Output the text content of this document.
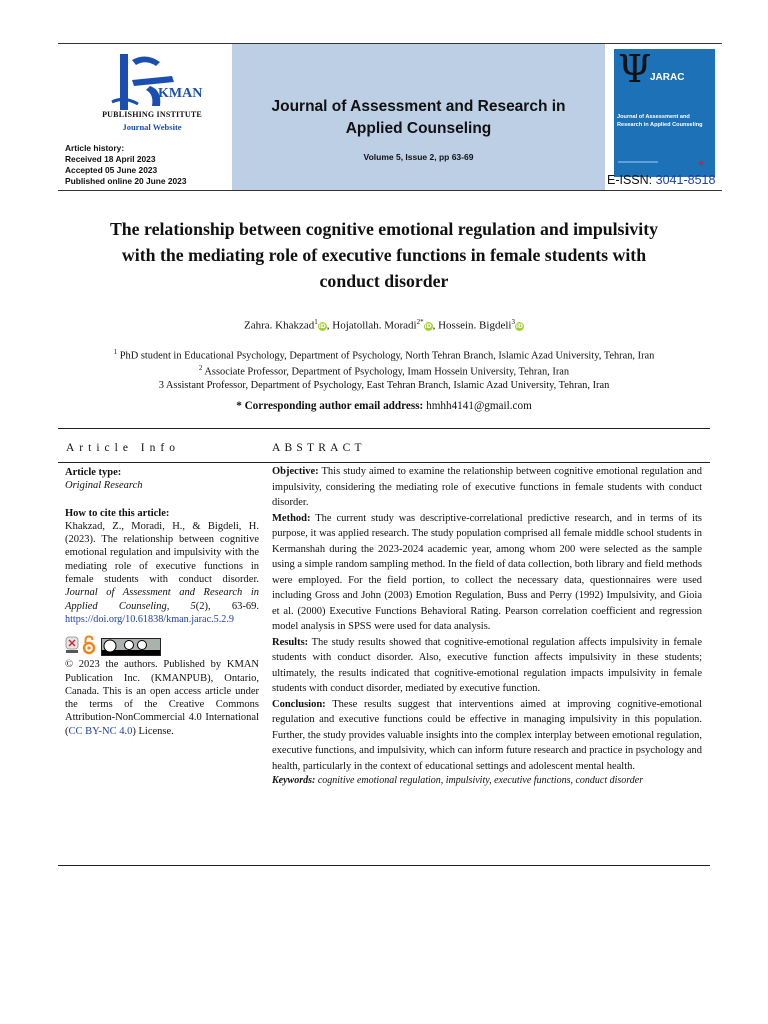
KMAN
PUBLISHING INSTITUTE
Journal Website
Article history:
Received 18 April 2023
Accepted 05 June 2023
Published online 20 June 2023
Journal of Assessment and Research in
Applied Counseling
Volume 5, Issue 2, pp 63-69
Ψ
JARAC
Journal of Assessment and Research in Applied Counseling
✦
E-ISSN: 3041-8518
The relationship between cognitive emotional regulation and impulsivity
with the mediating role of executive functions in female students with
conduct disorder
Zahra. Khakzad$^1$iD, Hojatollah. Moradi$^{2*}$iD, Hossein. Bigdeli$^3$iD
$^1$ PhD student in Educational Psychology, Department of Psychology, North Tehran Branch, Islamic Azad University, Tehran, Iran
$^2$ Associate Professor, Department of Psychology, Imam Hossein University, Tehran, Iran
3 Assistant Professor, Department of Psychology, East Tehran Branch, Islamic Azad University, Tehran, Iran
* Corresponding author email address: hmhh4141@gmail.com
Article Info	ABSTRACT
Article type:
Original Research
How to cite this article:
Khakzad, Z., Moradi, H., & Bigdeli, H. (2023). The relationship between cognitive emotional regulation and impulsivity with the mediating role of executive functions in female students with conduct disorder. Journal of Assessment and Research in Applied Counseling, 5(2), 63-69. https://doi.org/10.61838/kman.jarac.5.2.9
© 2023 the authors. Published by KMAN Publication Inc. (KMANPUB), Ontario, Canada. This is an open access article under the terms of the Creative Commons Attribution-NonCommercial 4.0 International (CC BY-NC 4.0) License.

Objective: This study aimed to examine the relationship between cognitive emotional regulation and impulsivity, considering the mediating role of executive functions in female students with conduct disorder.

Method: The current study was descriptive-correlational predictive research, and in terms of its purpose, it was applied research. The study population comprised all female middle school students in Kermanshah during the 2023-2024 academic year, among whom 200 were selected as the sample using a simple random sampling method. In the field of data collection, both library and field methods were employed. For the field portion, to collect the necessary data, questionnaires were used including Gross and John (2003) Emotion Regulation, Buss and Perry (1992) Impulsivity, and Gioia et al. (2000) Executive Functions Behavioral Rating. Pearson correlation coefficient and regression model analysis in SPSS were used for data analysis.

Results: The study results showed that cognitive-emotional regulation affects impulsivity in female students with conduct disorder. Also, executive function affects impulsivity in these students; ultimately, the results indicated that cognitive-emotional regulation impacts impulsivity in female students with conduct disorder, mediated by executive function.

Conclusion: These results suggest that interventions aimed at improving cognitive-emotional regulation and executive functions could be effective in managing impulsivity in this population. Further, the study provides valuable insights into the complex interplay between emotional regulation, executive functions, and impulsivity, which can inform future research and practice in psychology and health, particularly in the context of educational settings and adolescent mental health.

Keywords: cognitive emotional regulation, impulsivity, executive functions, conduct disorder
